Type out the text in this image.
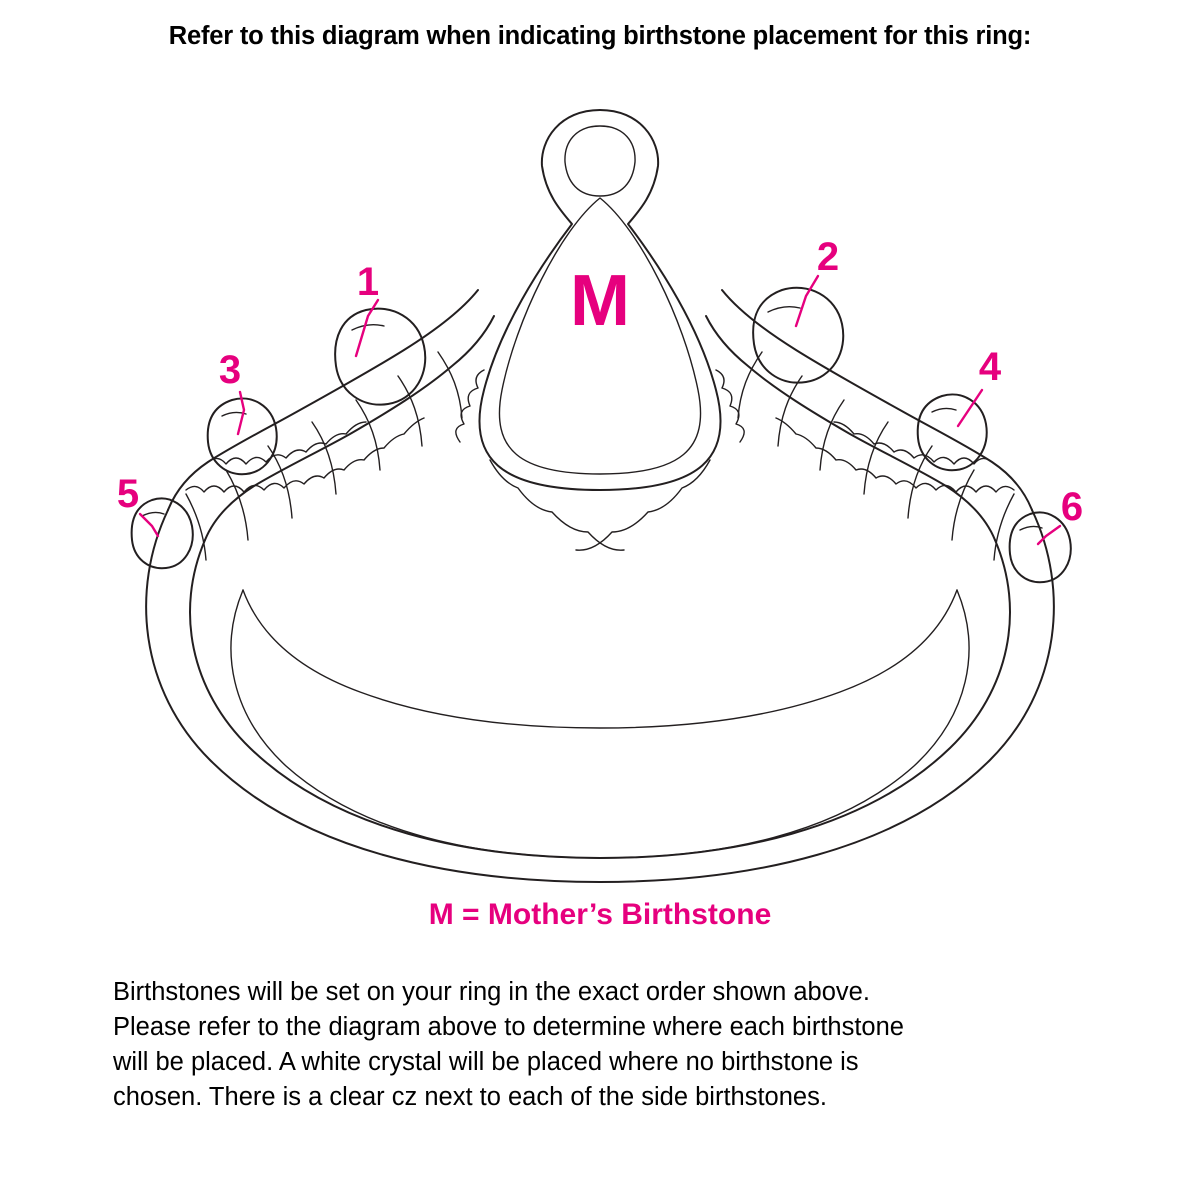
Refer to this diagram when indicating birthstone placement for this ring:
M
1
2
3	4
5	6
M = Mother’s Birthstone
Birthstones will be set on your ring in the exact order shown above.
Please refer to the diagram above to determine where each birthstone
will be placed. A white crystal will be placed where no birthstone is
chosen. There is a clear cz next to each of the side birthstones.
